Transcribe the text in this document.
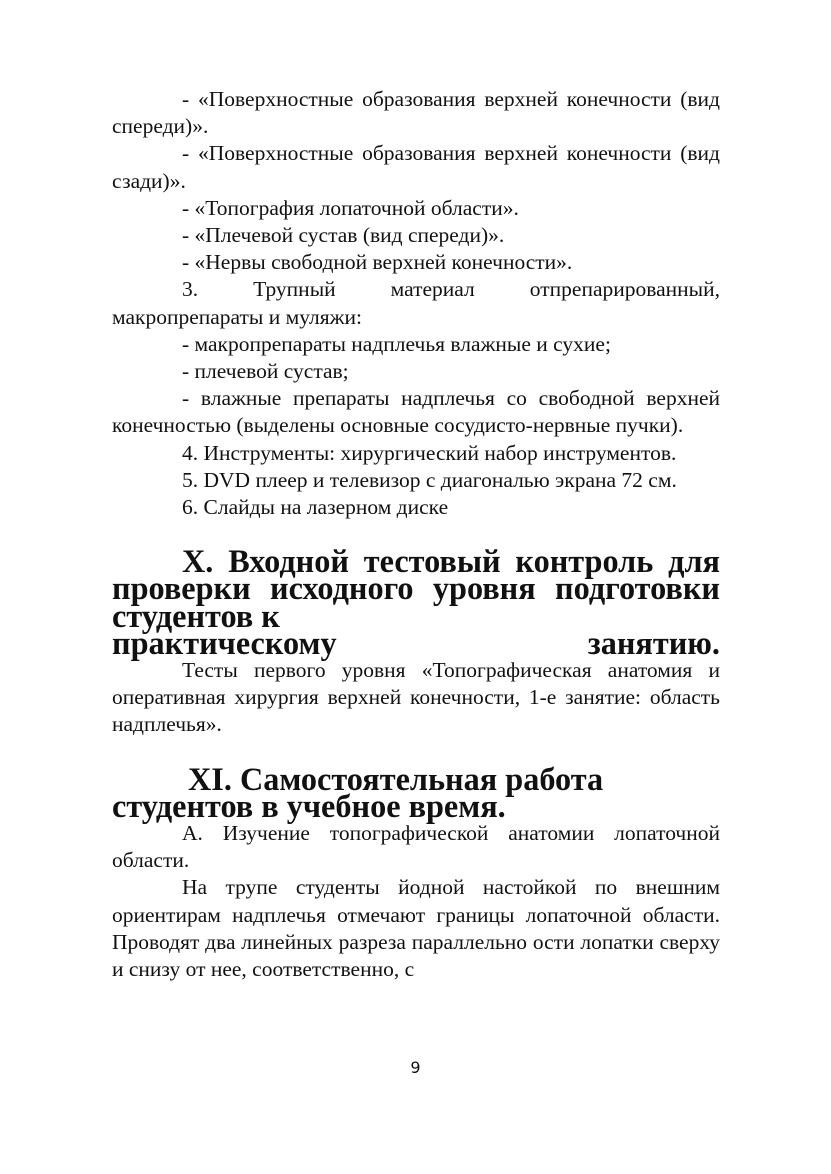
- «Поверхностные образования верхней конечности (вид спереди)».

- «Поверхностные образования верхней конечности (вид сзади)».

- «Топография лопаточной области».

- «Плечевой сустав (вид спереди)».

- «Нервы свободной верхней конечности».

3. Трупный материал отпрепарированный, макропрепараты и муляжи:

- макропрепараты надплечья влажные и сухие;

- плечевой сустав;

- влажные препараты надплечья со свободной верхней конечностью (выделены основные сосудисто-нервные пучки).

4. Инструменты: хирургический набор инструментов.

5. DVD плеер и телевизор с диагональю экрана 72 см.

6. Слайды на лазерном диске

X. Входной тестовый контроль для проверки исходного уровня подготовки студентов к
практическому занятию.

Тесты первого уровня «Топографическая анатомия и оперативная хирургия верхней конечности, 1-е занятие: область надплечья».

XI. Самостоятельная работа студентов в учебное время.

А. Изучение топографической анатомии лопаточной области.

На трупе студенты йодной настойкой по внешним ориентирам надплечья отмечают границы лопаточной области. Проводят два линейных разреза параллельно ости лопатки сверху и снизу от нее, соответственно, с

9
